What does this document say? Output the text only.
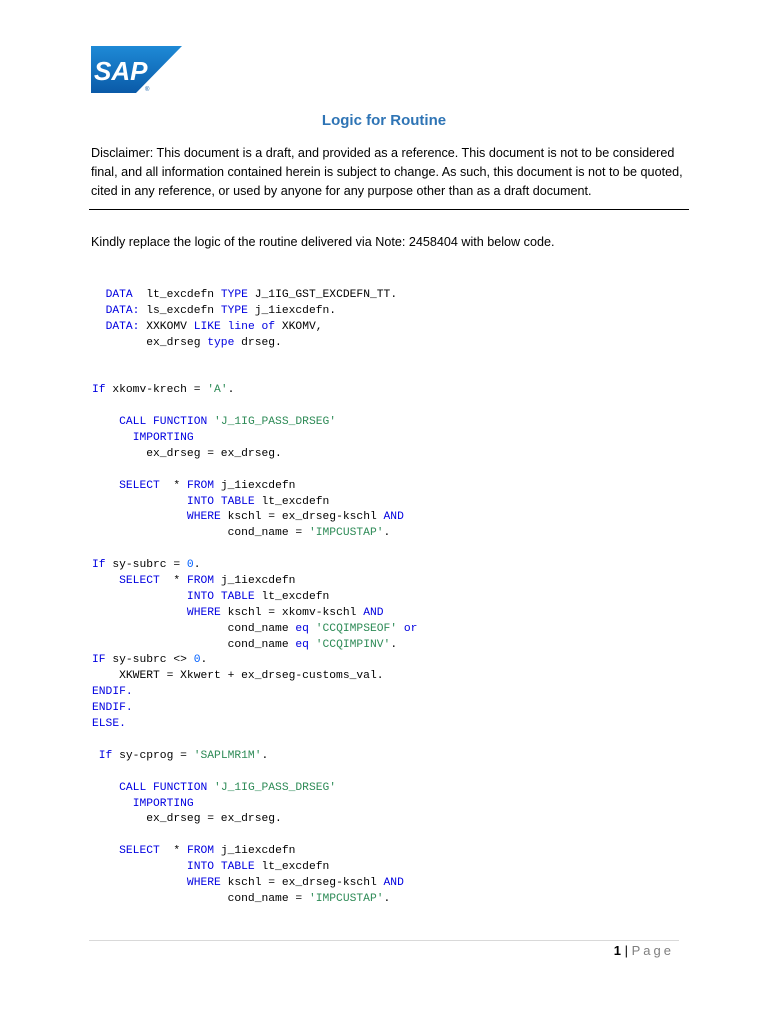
SAP
®
Logic for Routine
Disclaimer: This document is a draft, and provided as a reference. This document is not to be considered final, and all information contained herein is subject to change. As such, this document is not to be quoted, cited in any reference, or used by anyone for any purpose other than as a draft document.
Kindly replace the logic of the routine delivered via Note: 2458404 with below code.
DATA  lt_excdefn TYPE J_1IG_GST_EXCDEFN_TT.
DATA: ls_excdefn TYPE j_1iexcdefn.
DATA: XXKOMV LIKE line of XKOMV,
ex_drseg type drseg.

If xkomv-krech = 'A'.

CALL FUNCTION 'J_1IG_PASS_DRSEG'
IMPORTING
ex_drseg = ex_drseg.

SELECT  * FROM j_1iexcdefn
INTO TABLE lt_excdefn
WHERE kschl = ex_drseg-kschl AND
cond_name = 'IMPCUSTAP'.

If sy-subrc = 0.
SELECT  * FROM j_1iexcdefn
INTO TABLE lt_excdefn
WHERE kschl = xkomv-kschl AND
cond_name eq 'CCQIMPSEOF' or
cond_name eq 'CCQIMPINV'.
IF sy-subrc <> 0.
XKWERT = Xkwert + ex_drseg-customs_val.
ENDIF.
ENDIF.
ELSE.

If sy-cprog = 'SAPLMR1M'.

CALL FUNCTION 'J_1IG_PASS_DRSEG'
IMPORTING
ex_drseg = ex_drseg.

SELECT  * FROM j_1iexcdefn
INTO TABLE lt_excdefn
WHERE kschl = ex_drseg-kschl AND
cond_name = 'IMPCUSTAP'.
1 | Page
